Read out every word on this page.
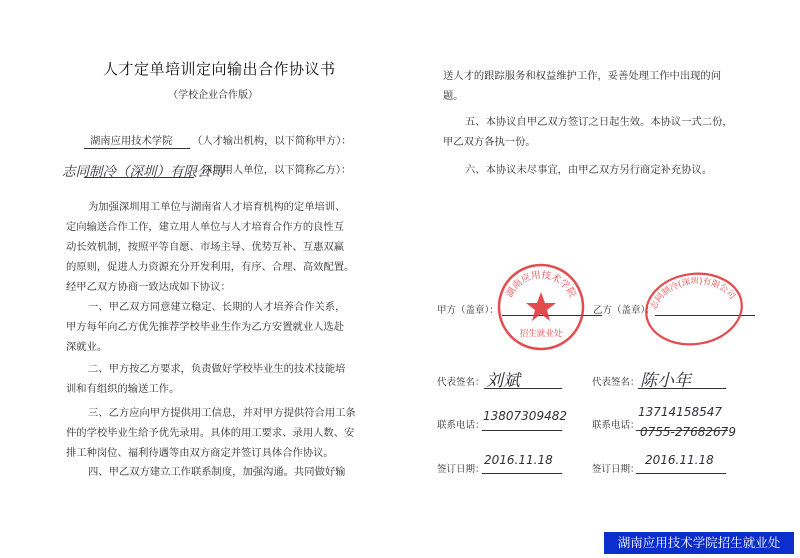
人才定单培训定向输出合作协议书
（学校企业合作版）
湖南应用技术学院 （人才输出机构，以下简称甲方）：
志同制冷（深圳）有限公司
深圳用人单位，以下简称乙方）：
为加强深圳用工单位与湖南省人才培育机构的定单培训、
定向输送合作工作，建立用人单位与人才培育合作方的良性互
动长效机制，按照平等自愿、市场主导、优势互补、互惠双赢
的原则，促进人力资源充分开发利用，有序、合理、高效配置。
经甲乙双方协商一致达成如下协议：
一、甲乙双方同意建立稳定、长期的人才培养合作关系，
甲方每年向乙方优先推荐学校毕业生作为乙方安置就业人选赴
深就业。
二、甲方按乙方要求，负责做好学校毕业生的技术技能培
训和有组织的输送工作。
三、乙方应向甲方提供用工信息，并对甲方提供符合用工条
件的学校毕业生给予优先录用。具体的用工要求、录用人数、安
排工种岗位、福利待遇等由双方商定并签订具体合作协议。
四、甲乙双方建立工作联系制度，加强沟通。共同做好输
送人才的跟踪服务和权益维护工作，妥善处理工作中出现的问
题。
五、本协议自甲乙双方签订之日起生效。本协议一式二份，
甲乙双方各执一份。
六、本协议未尽事宜，由甲乙双方另行商定补充协议。
甲方（盖章）：	乙方（盖章）：
湖南应用技术学院
招生就业处
志同制冷(深圳)有限公司
代表签名： 刘斌	代表签名： 陈小年
联系电话：
13807309482
联系电话：
13714158547
0755-27682679
签订日期：
2016.11.18
签订日期：
2016.11.18
湖南应用技术学院招生就业处
